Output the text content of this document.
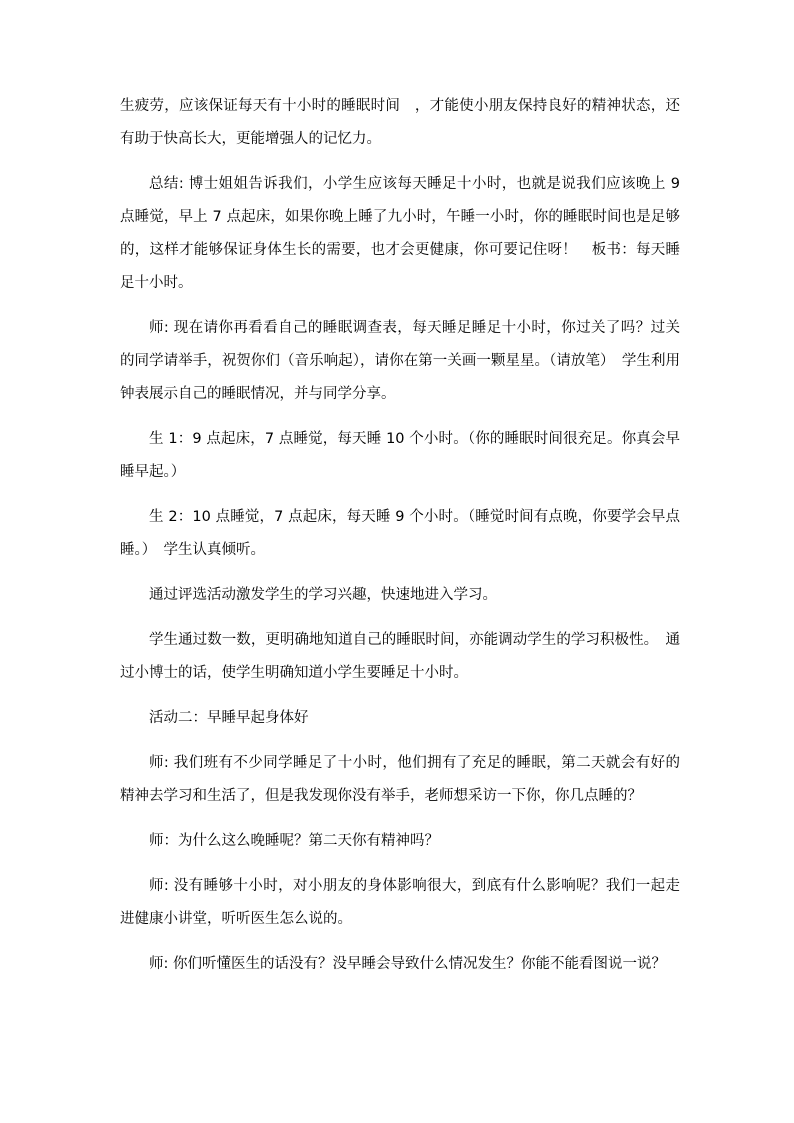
生疲劳，应该保证每天有十小时的睡眠时间　，才能使小朋友保持良好的精神状态，还有助于快高长大，更能增强人的记忆力。

总结: 博士姐姐告诉我们，小学生应该每天睡足十小时，也就是说我们应该晚上 9 点睡觉，早上 7 点起床，如果你晚上睡了九小时，午睡一小时，你的睡眠时间也是足够的，这样才能够保证身体生长的需要，也才会更健康，你可要记住呀！　板书：每天睡足十小时。

师: 现在请你再看看自己的睡眠调查表，每天睡足睡足十小时，你过关了吗？过关的同学请举手，祝贺你们（音乐响起），请你在第一关画一颗星星。（请放笔）　学生利用钟表展示自己的睡眠情况，并与同学分享。

生 1：9 点起床，7 点睡觉，每天睡 10 个小时。（你的睡眠时间很充足。你真会早睡早起。）

生 2：10 点睡觉，7 点起床，每天睡 9 个小时。（睡觉时间有点晚，你要学会早点睡。）　学生认真倾听。

通过评选活动激发学生的学习兴趣，快速地进入学习。

学生通过数一数，更明确地知道自己的睡眠时间，亦能调动学生的学习积极性。　通过小博士的话，使学生明确知道小学生要睡足十小时。

活动二：早睡早起身体好

师: 我们班有不少同学睡足了十小时，他们拥有了充足的睡眠，第二天就会有好的精神去学习和生活了，但是我发现你没有举手，老师想采访一下你，你几点睡的？

师：为什么这么晚睡呢？第二天你有精神吗？

师: 没有睡够十小时，对小朋友的身体影响很大，到底有什么影响呢？我们一起走进健康小讲堂，听听医生怎么说的。

师: 你们听懂医生的话没有？没早睡会导致什么情况发生？你能不能看图说一说？
